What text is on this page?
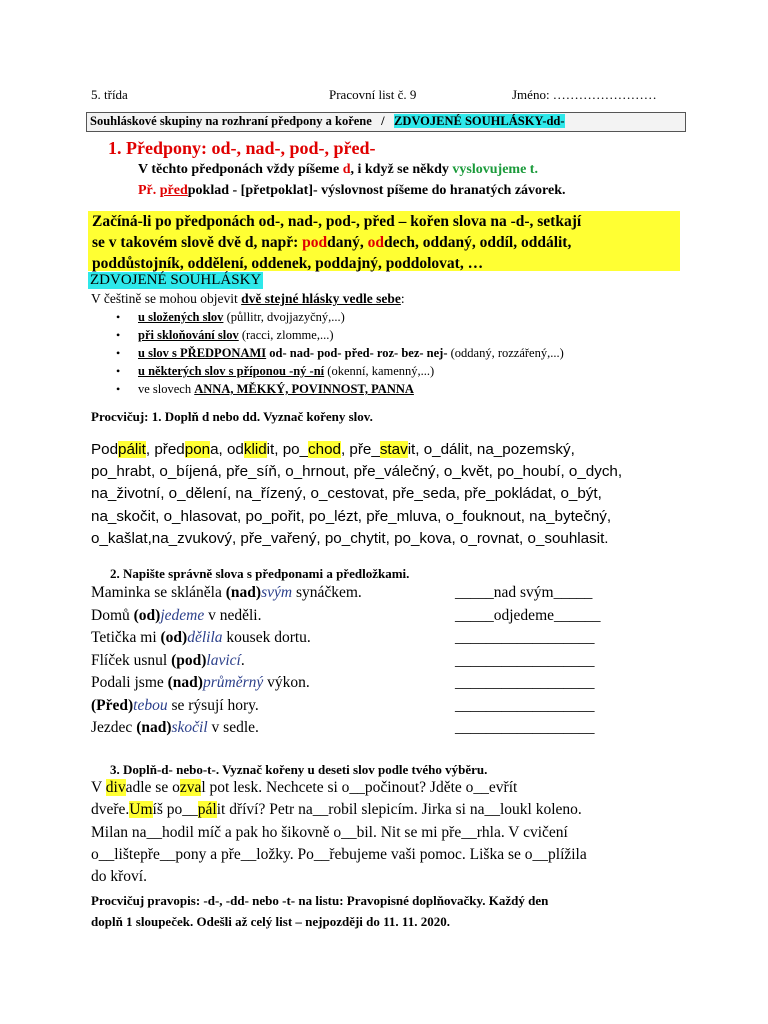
5. třída	Pracovní list č. 9	Jméno: ……………………
Souhláskové skupiny na rozhraní předpony a kořene / ZDVOJENÉ SOUHLÁSKY-dd-
1. Předpony: od-, nad-, pod-, před-
V těchto předponách vždy píšeme d, i když se někdy vyslovujeme t.
Př. předpoklad - [přetpoklat]- výslovnost píšeme do hranatých závorek.
Začíná-li po předponách od-, nad-, pod-, před – kořen slova na -d-, setkají
se v takovém slově dvě d, např: poddaný, oddech, oddaný, oddíl, oddálit,
poddůstojník, oddělení, oddenek, poddajný, poddolovat, …
ZDVOJENÉ SOUHLÁSKY
V češtině se mohou objevit dvě stejné hlásky vedle sebe:
• u složených slov (půllitr, dvojjazyčný,...)
• při skloňování slov (racci, zlomme,...)
• u slov s PŘEDPONAMI od- nad- pod- před- roz- bez- nej- (oddaný, rozzářený,...)
• u některých slov s příponou -ný -ní (okenní, kamenný,...)
• ve slovech ANNA, MĚKKÝ, POVINNOST, PANNA
Procvičuj: 1. Doplň d nebo dd. Vyznač kořeny slov.
Podpálit, předpona, odklidit, po_chod, pře_stavit, o_dálit, na_pozemský,
po_hrabt, o_bíjená, pře_síň, o_hrnout, pře_válečný, o_květ, po_houbí, o_dych,
na_životní, o_dělení, na_řízený, o_cestovat, pře_seda, pře_pokládat, o_být,
na_skočit, o_hlasovat, po_pořit, po_lézt, pře_mluva, o_fouknout, na_bytečný,
o_kašlat,na_zvukový, pře_vařený, po_chytit, po_kova, o_rovnat, o_souhlasit.
2. Napište správně slova s předponami a předložkami.
Maminka se skláněla (nad)svým synáčkem.	_____nad svým_____
Domů (od)jedeme v neděli.	_____odjedeme______
Tetička mi (od)dělila kousek dortu.	__________________
Flíček usnul (pod)lavicí.	__________________
Podali jsme (nad)průměrný výkon.	__________________
(Před)tebou se rýsují hory.	__________________
Jezdec (nad)skočil v sedle.	__________________
3. Doplň-d- nebo-t-. Vyznač kořeny u deseti slov podle tvého výběru.
V divadle se ozval pot lesk. Nechcete si o__počinout? Jděte o__evřít
dveře.Umíš po__pálit dříví? Petr na__robil slepicím. Jirka si na__loukl koleno.
Milan na__hodil míč a pak ho šikovně o__bil. Nit se mi pře__rhla. V cvičení
o__lištepře__pony a pře__ložky. Po__řebujeme vaši pomoc. Liška se o__plížila
do křoví.
Procvičuj pravopis: -d-, -dd- nebo -t- na listu: Pravopisné doplňovačky. Každý den
doplň 1 sloupeček. Odešli až celý list – nejpozději do 11. 11. 2020.
